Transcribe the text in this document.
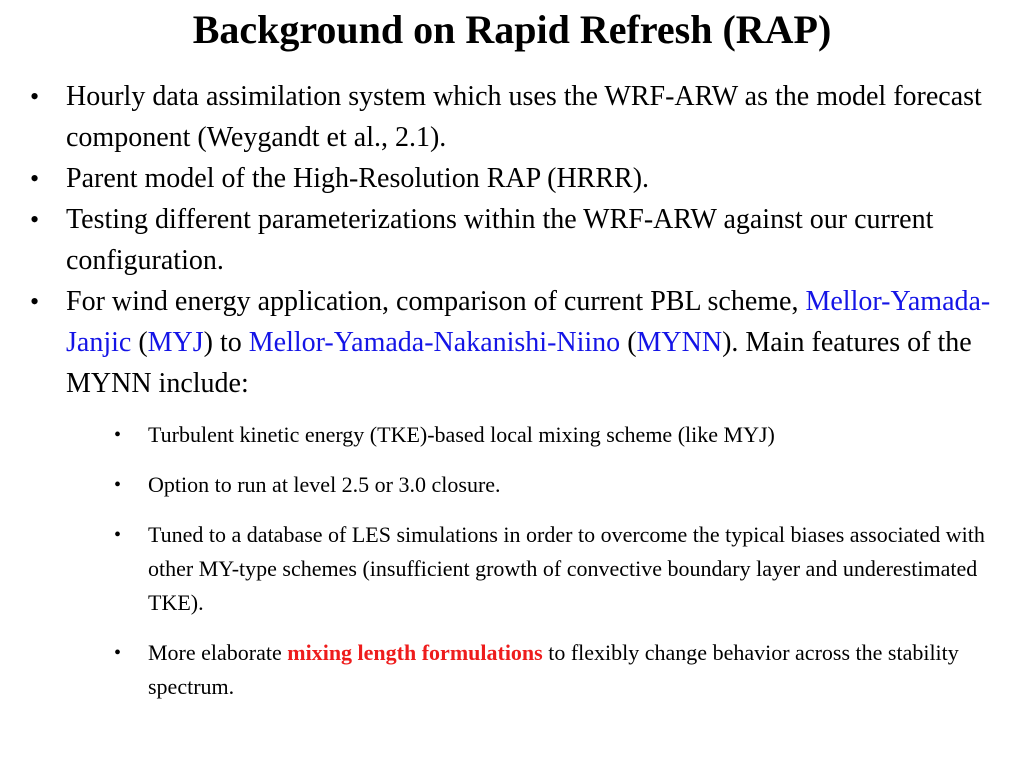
Background on Rapid Refresh (RAP)
• Hourly data assimilation system which uses the WRF-ARW as the model forecast component (Weygandt et al., 2.1).
• Parent model of the High-Resolution RAP (HRRR).
• Testing different parameterizations within the WRF-ARW against our current configuration.
• For wind energy application, comparison of current PBL scheme, Mellor-Yamada-Janjic (MYJ) to Mellor-Yamada-Nakanishi-Niino (MYNN). Main features of the MYNN include:
• Turbulent kinetic energy (TKE)-based local mixing scheme (like MYJ)
• Option to run at level 2.5 or 3.0 closure.
• Tuned to a database of LES simulations in order to overcome the typical biases associated with other MY-type schemes (insufficient growth of convective boundary layer and underestimated TKE).
• More elaborate mixing length formulations to flexibly change behavior across the stability spectrum.
